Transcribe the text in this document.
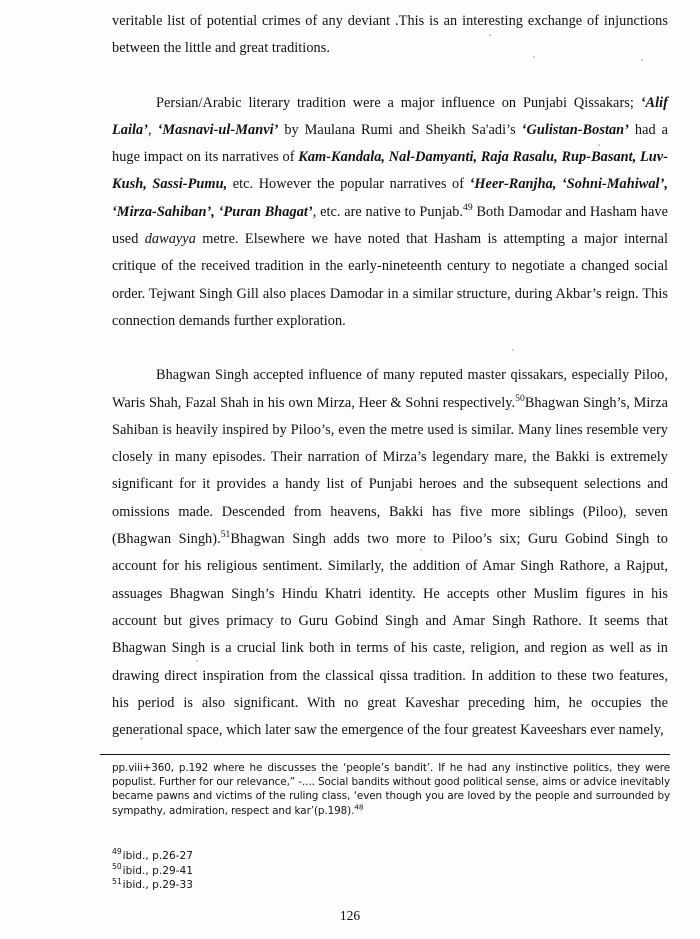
veritable list of potential crimes of any deviant .This is an interesting exchange of injunctions between the little and great traditions.

Persian/Arabic literary tradition were a major influence on Punjabi Qissakars; ‘Alif Laila’, ‘Masnavi-ul-Manvi’ by Maulana Rumi and Sheikh Sa'adi’s ‘Gulistan-Bostan’ had a huge impact on its narratives of Kam-Kandala, Nal-Damyanti, Raja Rasalu, Rup-Basant, Luv-Kush, Sassi-Pumu, etc. However the popular narratives of ‘Heer-Ranjha, ‘Sohni-Mahiwal’, ‘Mirza-Sahiban’, ‘Puran Bhagat’, etc. are native to Punjab.$^{49}$ Both Damodar and Hasham have used dawayya metre. Elsewhere we have noted that Hasham is attempting a major internal critique of the received tradition in the early-nineteenth century to negotiate a changed social order. Tejwant Singh Gill also places Damodar in a similar structure, during Akbar’s reign. This connection demands further exploration.

Bhagwan Singh accepted influence of many reputed master qissakars, especially Piloo, Waris Shah, Fazal Shah in his own Mirza, Heer & Sohni respectively.$^{50}$Bhagwan Singh’s, Mirza Sahiban is heavily inspired by Piloo’s, even the metre used is similar. Many lines resemble very closely in many episodes. Their narration of Mirza’s legendary mare, the Bakki is extremely significant for it provides a handy list of Punjabi heroes and the subsequent selections and omissions made. Descended from heavens, Bakki has five more siblings (Piloo), seven (Bhagwan Singh).$^{51}$Bhagwan Singh adds two more to Piloo’s six; Guru Gobind Singh to account for his religious sentiment. Similarly, the addition of Amar Singh Rathore, a Rajput, assuages Bhagwan Singh’s Hindu Khatri identity. He accepts other Muslim figures in his account but gives primacy to Guru Gobind Singh and Amar Singh Rathore. It seems that Bhagwan Singh is a crucial link both in terms of his caste, religion, and region as well as in drawing direct inspiration from the classical qissa tradition. In addition to these two features, his period is also significant. With no great Kaveshar preceding him, he occupies the generational space, which later saw the emergence of the four greatest Kaveeshars ever namely,

pp.viii+360, p.192 where he discusses the ‘people’s bandit’. If he had any instinctive politics, they were populist. Further for our relevance,” -.... Social bandits without good political sense, aims or advice inevitably became pawns and victims of the ruling class, ‘even though you are loved by the people and surrounded by sympathy, admiration, respect and kar’(p.198).$^{48}$

$^{49}$ibid., p.26-27

$^{50}$ibid., p.29-41

$^{51}$ibid., p.29-33

126
